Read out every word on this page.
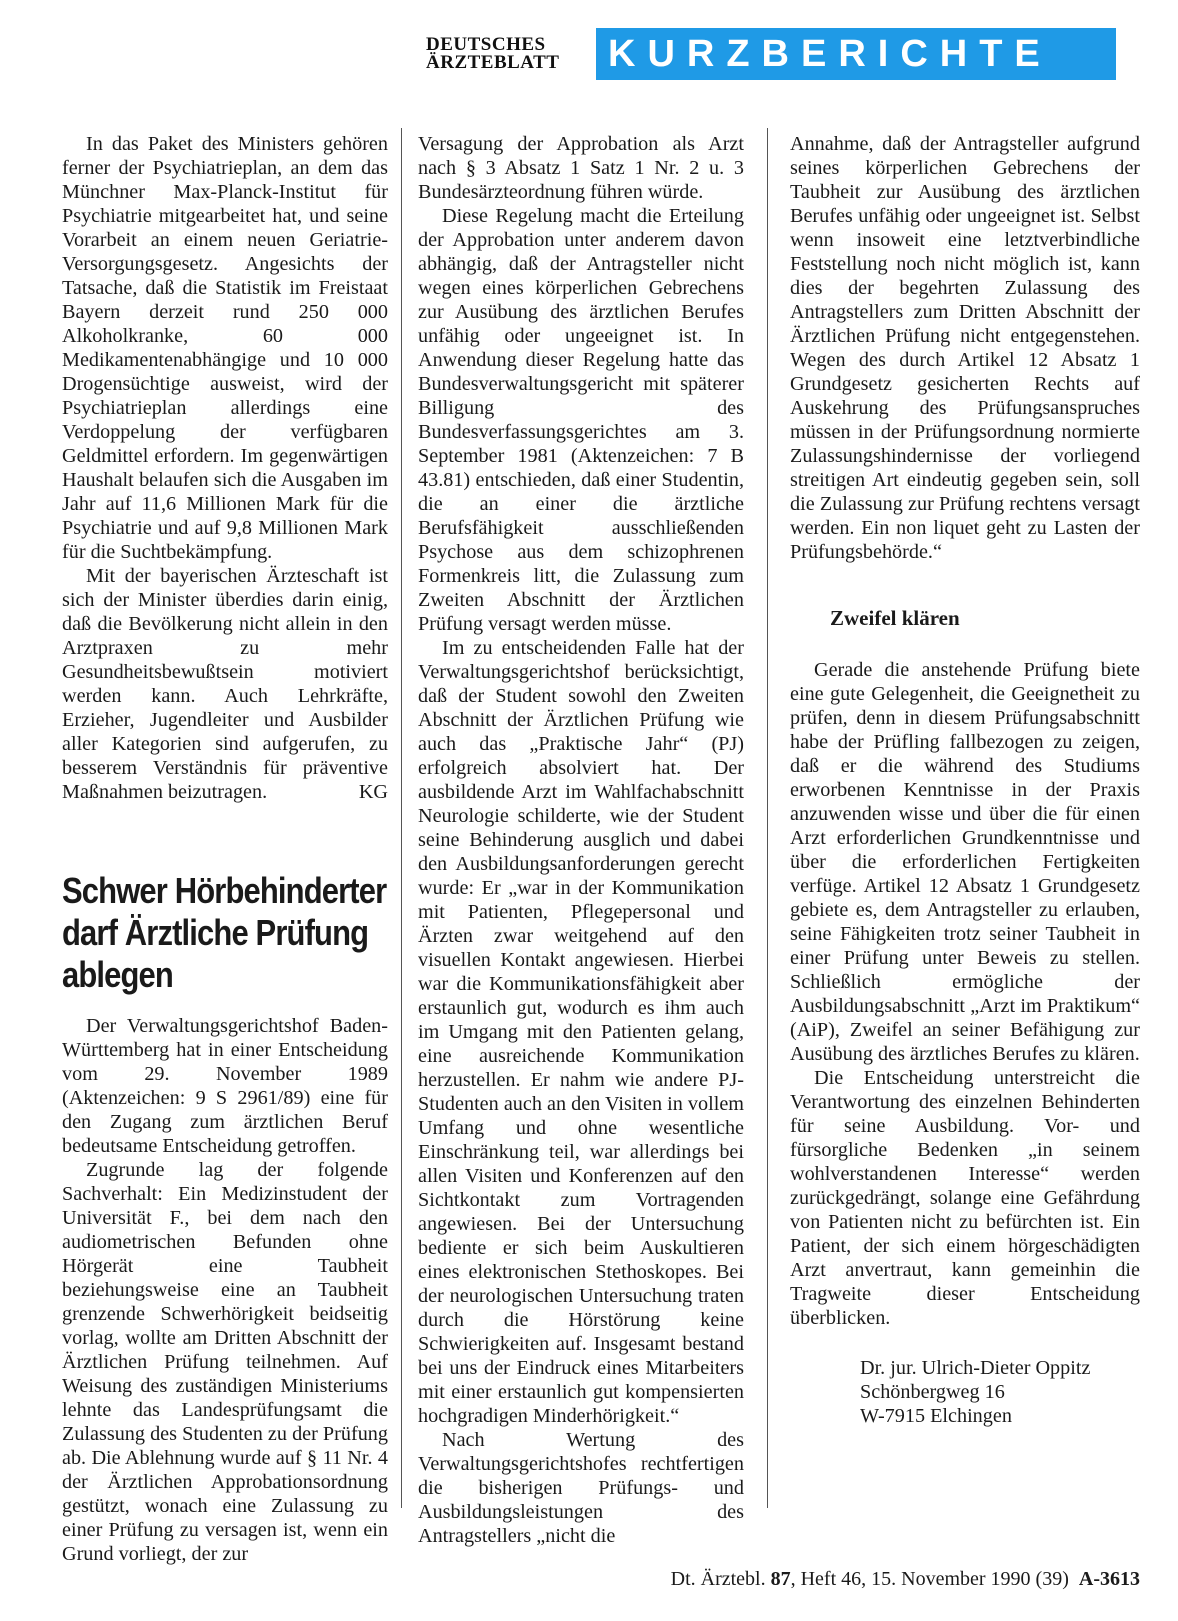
DEUTSCHES
ÄRZTEBLATT	KURZBERICHTE

In das Paket des Ministers gehören ferner der Psychiatrieplan, an dem das Münchner Max-Planck-Institut für Psychiatrie mitgearbeitet hat, und seine Vorarbeit an einem neuen Geriatrie-Versorgungsgesetz. Angesichts der Tatsache, daß die Statistik im Freistaat Bayern derzeit rund 250 000 Alkoholkranke, 60 000 Medikamentenabhängige und 10 000 Drogensüchtige ausweist, wird der Psychiatrieplan allerdings eine Verdoppelung der verfügbaren Geldmittel erfordern. Im gegenwärtigen Haushalt belaufen sich die Ausgaben im Jahr auf 11,6 Millionen Mark für die Psychiatrie und auf 9,8 Millionen Mark für die Suchtbekämpfung.

Mit der bayerischen Ärzteschaft ist sich der Minister überdies darin einig, daß die Bevölkerung nicht allein in den Arztpraxen zu mehr Gesundheitsbewußtsein motiviert werden kann. Auch Lehrkräfte, Erzieher, Jugendleiter und Ausbilder aller Kategorien sind aufgerufen, zu besserem Verständnis für präventive Maßnahmen beizutragen.	KG

Schwer Hörbehinderter darf Ärztliche Prüfung ablegen

Der Verwaltungsgerichtshof Baden-Württemberg hat in einer Entscheidung vom 29. November 1989 (Aktenzeichen: 9 S 2961/89) eine für den Zugang zum ärztlichen Beruf bedeutsame Entscheidung getroffen.

Zugrunde lag der folgende Sachverhalt: Ein Medizinstudent der Universität F., bei dem nach den audiometrischen Befunden ohne Hörgerät eine Taubheit beziehungsweise eine an Taubheit grenzende Schwerhörigkeit beidseitig vorlag, wollte am Dritten Abschnitt der Ärztlichen Prüfung teilnehmen. Auf Weisung des zuständigen Ministeriums lehnte das Landesprüfungsamt die Zulassung des Studenten zu der Prüfung ab. Die Ablehnung wurde auf § 11 Nr. 4 der Ärztlichen Approbationsordnung gestützt, wonach eine Zulassung zu einer Prüfung zu versagen ist, wenn ein Grund vorliegt, der zur

Versagung der Approbation als Arzt nach § 3 Absatz 1 Satz 1 Nr. 2 u. 3 Bundesärzteordnung führen würde.

Diese Regelung macht die Erteilung der Approbation unter anderem davon abhängig, daß der Antragsteller nicht wegen eines körperlichen Gebrechens zur Ausübung des ärztlichen Berufes unfähig oder ungeeignet ist. In Anwendung dieser Regelung hatte das Bundesverwaltungsgericht mit späterer Billigung des Bundesverfassungsgerichtes am 3. September 1981 (Aktenzeichen: 7 B 43.81) entschieden, daß einer Studentin, die an einer die ärztliche Berufsfähigkeit ausschließenden Psychose aus dem schizophrenen Formenkreis litt, die Zulassung zum Zweiten Abschnitt der Ärztlichen Prüfung versagt werden müsse.

Im zu entscheidenden Falle hat der Verwaltungsgerichtshof berücksichtigt, daß der Student sowohl den Zweiten Abschnitt der Ärztlichen Prüfung wie auch das „Praktische Jahr“ (PJ) erfolgreich absolviert hat. Der ausbildende Arzt im Wahlfachabschnitt Neurologie schilderte, wie der Student seine Behinderung ausglich und dabei den Ausbildungsanforderungen gerecht wurde: Er „war in der Kommunikation mit Patienten, Pflegepersonal und Ärzten zwar weitgehend auf den visuellen Kontakt angewiesen. Hierbei war die Kommunikationsfähigkeit aber erstaunlich gut, wodurch es ihm auch im Umgang mit den Patienten gelang, eine ausreichende Kommunikation herzustellen. Er nahm wie andere PJ-Studenten auch an den Visiten in vollem Umfang und ohne wesentliche Einschränkung teil, war allerdings bei allen Visiten und Konferenzen auf den Sichtkontakt zum Vortragenden angewiesen. Bei der Untersuchung bediente er sich beim Auskultieren eines elektronischen Stethoskopes. Bei der neurologischen Untersuchung traten durch die Hörstörung keine Schwierigkeiten auf. Insgesamt bestand bei uns der Eindruck eines Mitarbeiters mit einer erstaunlich gut kompensierten hochgradigen Minderhörigkeit.“

Nach Wertung des Verwaltungsgerichtshofes rechtfertigen die bisherigen Prüfungs- und Ausbildungsleistungen des Antragstellers „nicht die

Annahme, daß der Antragsteller aufgrund seines körperlichen Gebrechens der Taubheit zur Ausübung des ärztlichen Berufes unfähig oder ungeeignet ist. Selbst wenn insoweit eine letztverbindliche Feststellung noch nicht möglich ist, kann dies der begehrten Zulassung des Antragstellers zum Dritten Abschnitt der Ärztlichen Prüfung nicht entgegenstehen. Wegen des durch Artikel 12 Absatz 1 Grundgesetz gesicherten Rechts auf Auskehrung des Prüfungsanspruches müssen in der Prüfungsordnung normierte Zulassungshindernisse der vorliegend streitigen Art eindeutig gegeben sein, soll die Zulassung zur Prüfung rechtens versagt werden. Ein non liquet geht zu Lasten der Prüfungsbehörde.“

Zweifel klären

Gerade die anstehende Prüfung biete eine gute Gelegenheit, die Geeignetheit zu prüfen, denn in diesem Prüfungsabschnitt habe der Prüfling fallbezogen zu zeigen, daß er die während des Studiums erworbenen Kenntnisse in der Praxis anzuwenden wisse und über die für einen Arzt erforderlichen Grundkenntnisse und über die erforderlichen Fertigkeiten verfüge. Artikel 12 Absatz 1 Grundgesetz gebiete es, dem Antragsteller zu erlauben, seine Fähigkeiten trotz seiner Taubheit in einer Prüfung unter Beweis zu stellen. Schließlich ermögliche der Ausbildungsabschnitt „Arzt im Praktikum“ (AiP), Zweifel an seiner Befähigung zur Ausübung des ärztliches Berufes zu klären.

Die Entscheidung unterstreicht die Verantwortung des einzelnen Behinderten für seine Ausbildung. Vor- und fürsorgliche Bedenken „in seinem wohlverstandenen Interesse“ werden zurückgedrängt, solange eine Gefährdung von Patienten nicht zu befürchten ist. Ein Patient, der sich einem hörgeschädigten Arzt anvertraut, kann gemeinhin die Tragweite dieser Entscheidung überblicken.

Dr. jur. Ulrich-Dieter Oppitz
Schönbergweg 16
W-7915 Elchingen
Dt. Ärztebl. 87, Heft 46, 15. November 1990 (39)  A-3613
